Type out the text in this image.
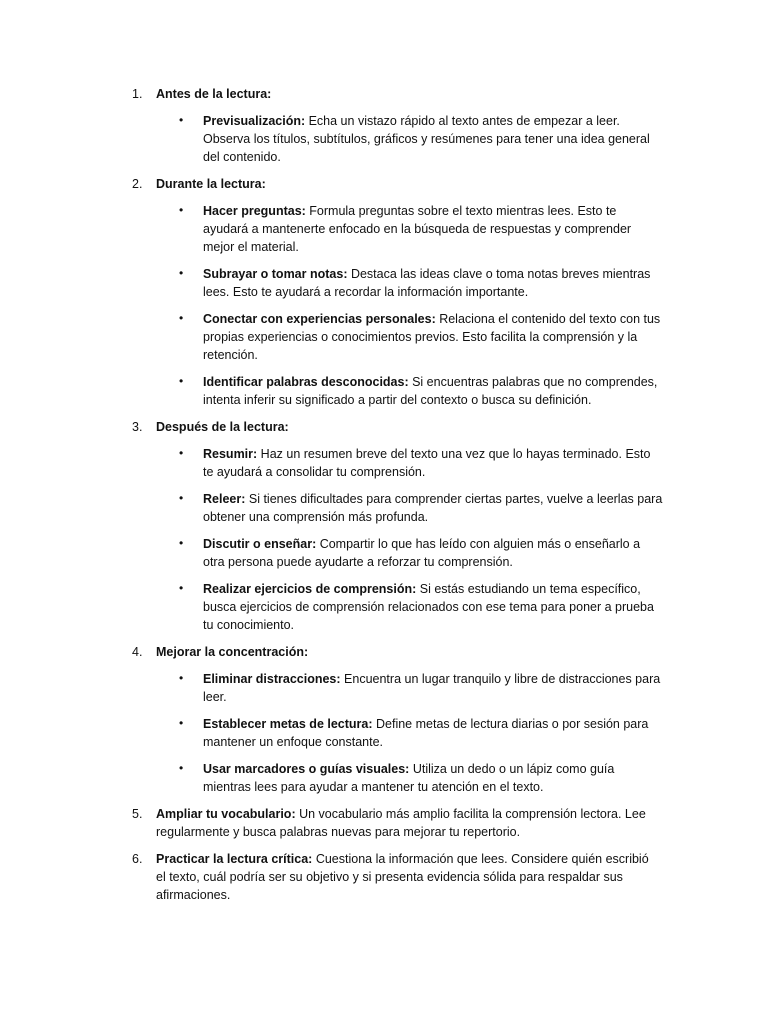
1.	Antes de la lectura:
• Previsualización: Echa un vistazo rápido al texto antes de empezar a leer. Observa los títulos, subtítulos, gráficos y resúmenes para tener una idea general del contenido.
2.	Durante la lectura:
• Hacer preguntas: Formula preguntas sobre el texto mientras lees. Esto te ayudará a mantenerte enfocado en la búsqueda de respuestas y comprender mejor el material.
• Subrayar o tomar notas: Destaca las ideas clave o toma notas breves mientras lees. Esto te ayudará a recordar la información importante.
• Conectar con experiencias personales: Relaciona el contenido del texto con tus propias experiencias o conocimientos previos. Esto facilita la comprensión y la retención.
• Identificar palabras desconocidas: Si encuentras palabras que no comprendes, intenta inferir su significado a partir del contexto o busca su definición.
3.	Después de la lectura:
• Resumir: Haz un resumen breve del texto una vez que lo hayas terminado. Esto te ayudará a consolidar tu comprensión.
• Releer: Si tienes dificultades para comprender ciertas partes, vuelve a leerlas para obtener una comprensión más profunda.
• Discutir o enseñar: Compartir lo que has leído con alguien más o enseñarlo a otra persona puede ayudarte a reforzar tu comprensión.
• Realizar ejercicios de comprensión: Si estás estudiando un tema específico, busca ejercicios de comprensión relacionados con ese tema para poner a prueba tu conocimiento.
4.	Mejorar la concentración:
• Eliminar distracciones: Encuentra un lugar tranquilo y libre de distracciones para leer.
• Establecer metas de lectura: Define metas de lectura diarias o por sesión para mantener un enfoque constante.
• Usar marcadores o guías visuales: Utiliza un dedo o un lápiz como guía mientras lees para ayudar a mantener tu atención en el texto.
5.	Ampliar tu vocabulario: Un vocabulario más amplio facilita la comprensión lectora. Lee regularmente y busca palabras nuevas para mejorar tu repertorio.
6.	Practicar la lectura crítica: Cuestiona la información que lees. Considere quién escribió el texto, cuál podría ser su objetivo y si presenta evidencia sólida para respaldar sus afirmaciones.
